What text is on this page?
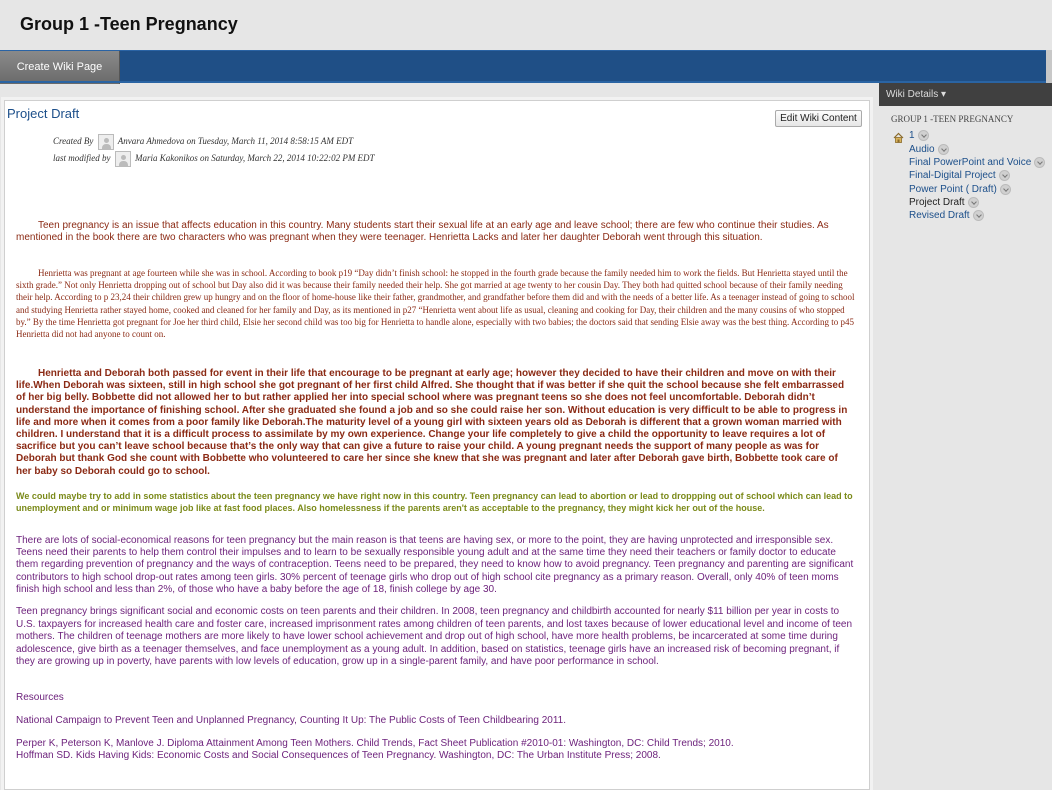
Group 1 -Teen Pregnancy
Create Wiki Page
Project Draft	Edit Wiki Content
Created By	Anvara Ahmedova on Tuesday, March 11, 2014 8:58:15 AM EDT
last modified by	Maria Kakonikos on Saturday, March 22, 2014 10:22:02 PM EDT
Teen pregnancy is an issue that affects education in this country. Many students start their sexual life at an early age and leave school; there are few who continue their studies. As mentioned in the book there are two characters who was pregnant when they were teenager. Henrietta Lacks and later her daughter Deborah went through this situation.
Henrietta was pregnant at age fourteen while she was in school. According to book p19 “Day didn’t finish school: he stopped in the fourth grade because the family needed him to work the fields. But Henrietta stayed until the sixth grade.” Not only Henrietta dropping out of school but Day also did it was because their family needed their help. She got married at age twenty to her cousin Day. They both had quitted school because of their family needing their help. According to p 23,24 their children grew up hungry and on the floor of home-house like their father, grandmother, and grandfather before them did and with the needs of a better life. As a teenager instead of going to school and studying Henrietta rather stayed home, cooked and cleaned for her family and Day, as its mentioned in p27 “Henrietta went about life as usual, cleaning and cooking for Day, their children and the many cousins of who stopped by.” By the time Henrietta got pregnant for Joe her third child, Elsie her second child was too big for Henrietta to handle alone, especially with two babies; the doctors said that sending Elsie away was the best thing. According to p45 Henrietta did not had anyone to count on.
Henrietta and Deborah both passed for event in their life that encourage to be pregnant at early age; however they decided to have their children and move on with their life.When Deborah was sixteen, still in high school she got pregnant of her first child Alfred. She thought that if was better if she quit the school because she felt embarrassed of her big belly. Bobbette did not allowed her to but rather applied her into special school where was pregnant teens so she does not feel uncomfortable. Deborah didn’t understand the importance of finishing school. After she graduated she found a job and so she could raise her son. Without education is very difficult to be able to progress in life and more when it comes from a poor family like Deborah.The maturity level of a young girl with sixteen years old as Deborah is different that a grown woman married with children. I understand that it is a difficult process to assimilate by my own experience. Change your life completely to give a child the opportunity to leave requires a lot of sacrifice but you can’t leave school because that’s the only way that can give a future to raise your child. A young pregnant needs the support of many people as was for Deborah but thank God she count with Bobbette who volunteered to care her since she knew that she was pregnant and later after Deborah gave birth, Bobbette took care of her baby so Deborah could go to school.
We could maybe try to add in some statistics about the teen pregnancy we have right now in this country. Teen pregnancy can lead to abortion or lead to droppping out of school which can lead to unemployment and or minimum wage job like at fast food places. Also homelessness if the parents aren't as acceptable to the pregnancy, they might kick her out of the house.
There are lots of social-economical reasons for teen pregnancy but the main reason is that teens are having sex, or more to the point, they are having unprotected and irresponsible sex. Teens need their parents to help them control their impulses and to learn to be sexually responsible young adult and at the same time they need their teachers or family doctor to educate them regarding prevention of pregnancy and the ways of contraception. Teens need to be prepared, they need to know how to avoid pregnancy. Teen pregnancy and parenting are significant contributors to high school drop-out rates among teen girls. 30% percent of teenage girls who drop out of high school cite pregnancy as a primary reason. Overall, only 40% of teen moms finish high school and less than 2%, of those who have a baby before the age of 18, finish college by age 30.
Teen pregnancy brings significant social and economic costs on teen parents and their children. In 2008, teen pregnancy and childbirth accounted for nearly $11 billion per year in costs to U.S. taxpayers for increased health care and foster care, increased imprisonment rates among children of teen parents, and lost taxes because of lower educational level and income of teen mothers. The children of teenage mothers are more likely to have lower school achievement and drop out of high school, have more health problems, be incarcerated at some time during adolescence, give birth as a teenager themselves, and face unemployment as a young adult. In addition, based on statistics, teenage girls have an increased risk of becoming pregnant, if they are growing up in poverty, have parents with low levels of education, grow up in a single-parent family, and have poor performance in school.
Resources
National Campaign to Prevent Teen and Unplanned Pregnancy, Counting It Up: The Public Costs of Teen Childbearing 2011.
Perper K, Peterson K, Manlove J. Diploma Attainment Among Teen Mothers. Child Trends, Fact Sheet Publication #2010-01: Washington, DC: Child Trends; 2010.
Hoffman SD. Kids Having Kids: Economic Costs and Social Consequences of Teen Pregnancy. Washington, DC: The Urban Institute Press; 2008.
Wiki Details ▾
GROUP 1 -TEEN PREGNANCY
1
Audio
Final PowerPoint and Voice
Final-Digital Project
Power Point ( Draft)
Project Draft
Revised Draft
